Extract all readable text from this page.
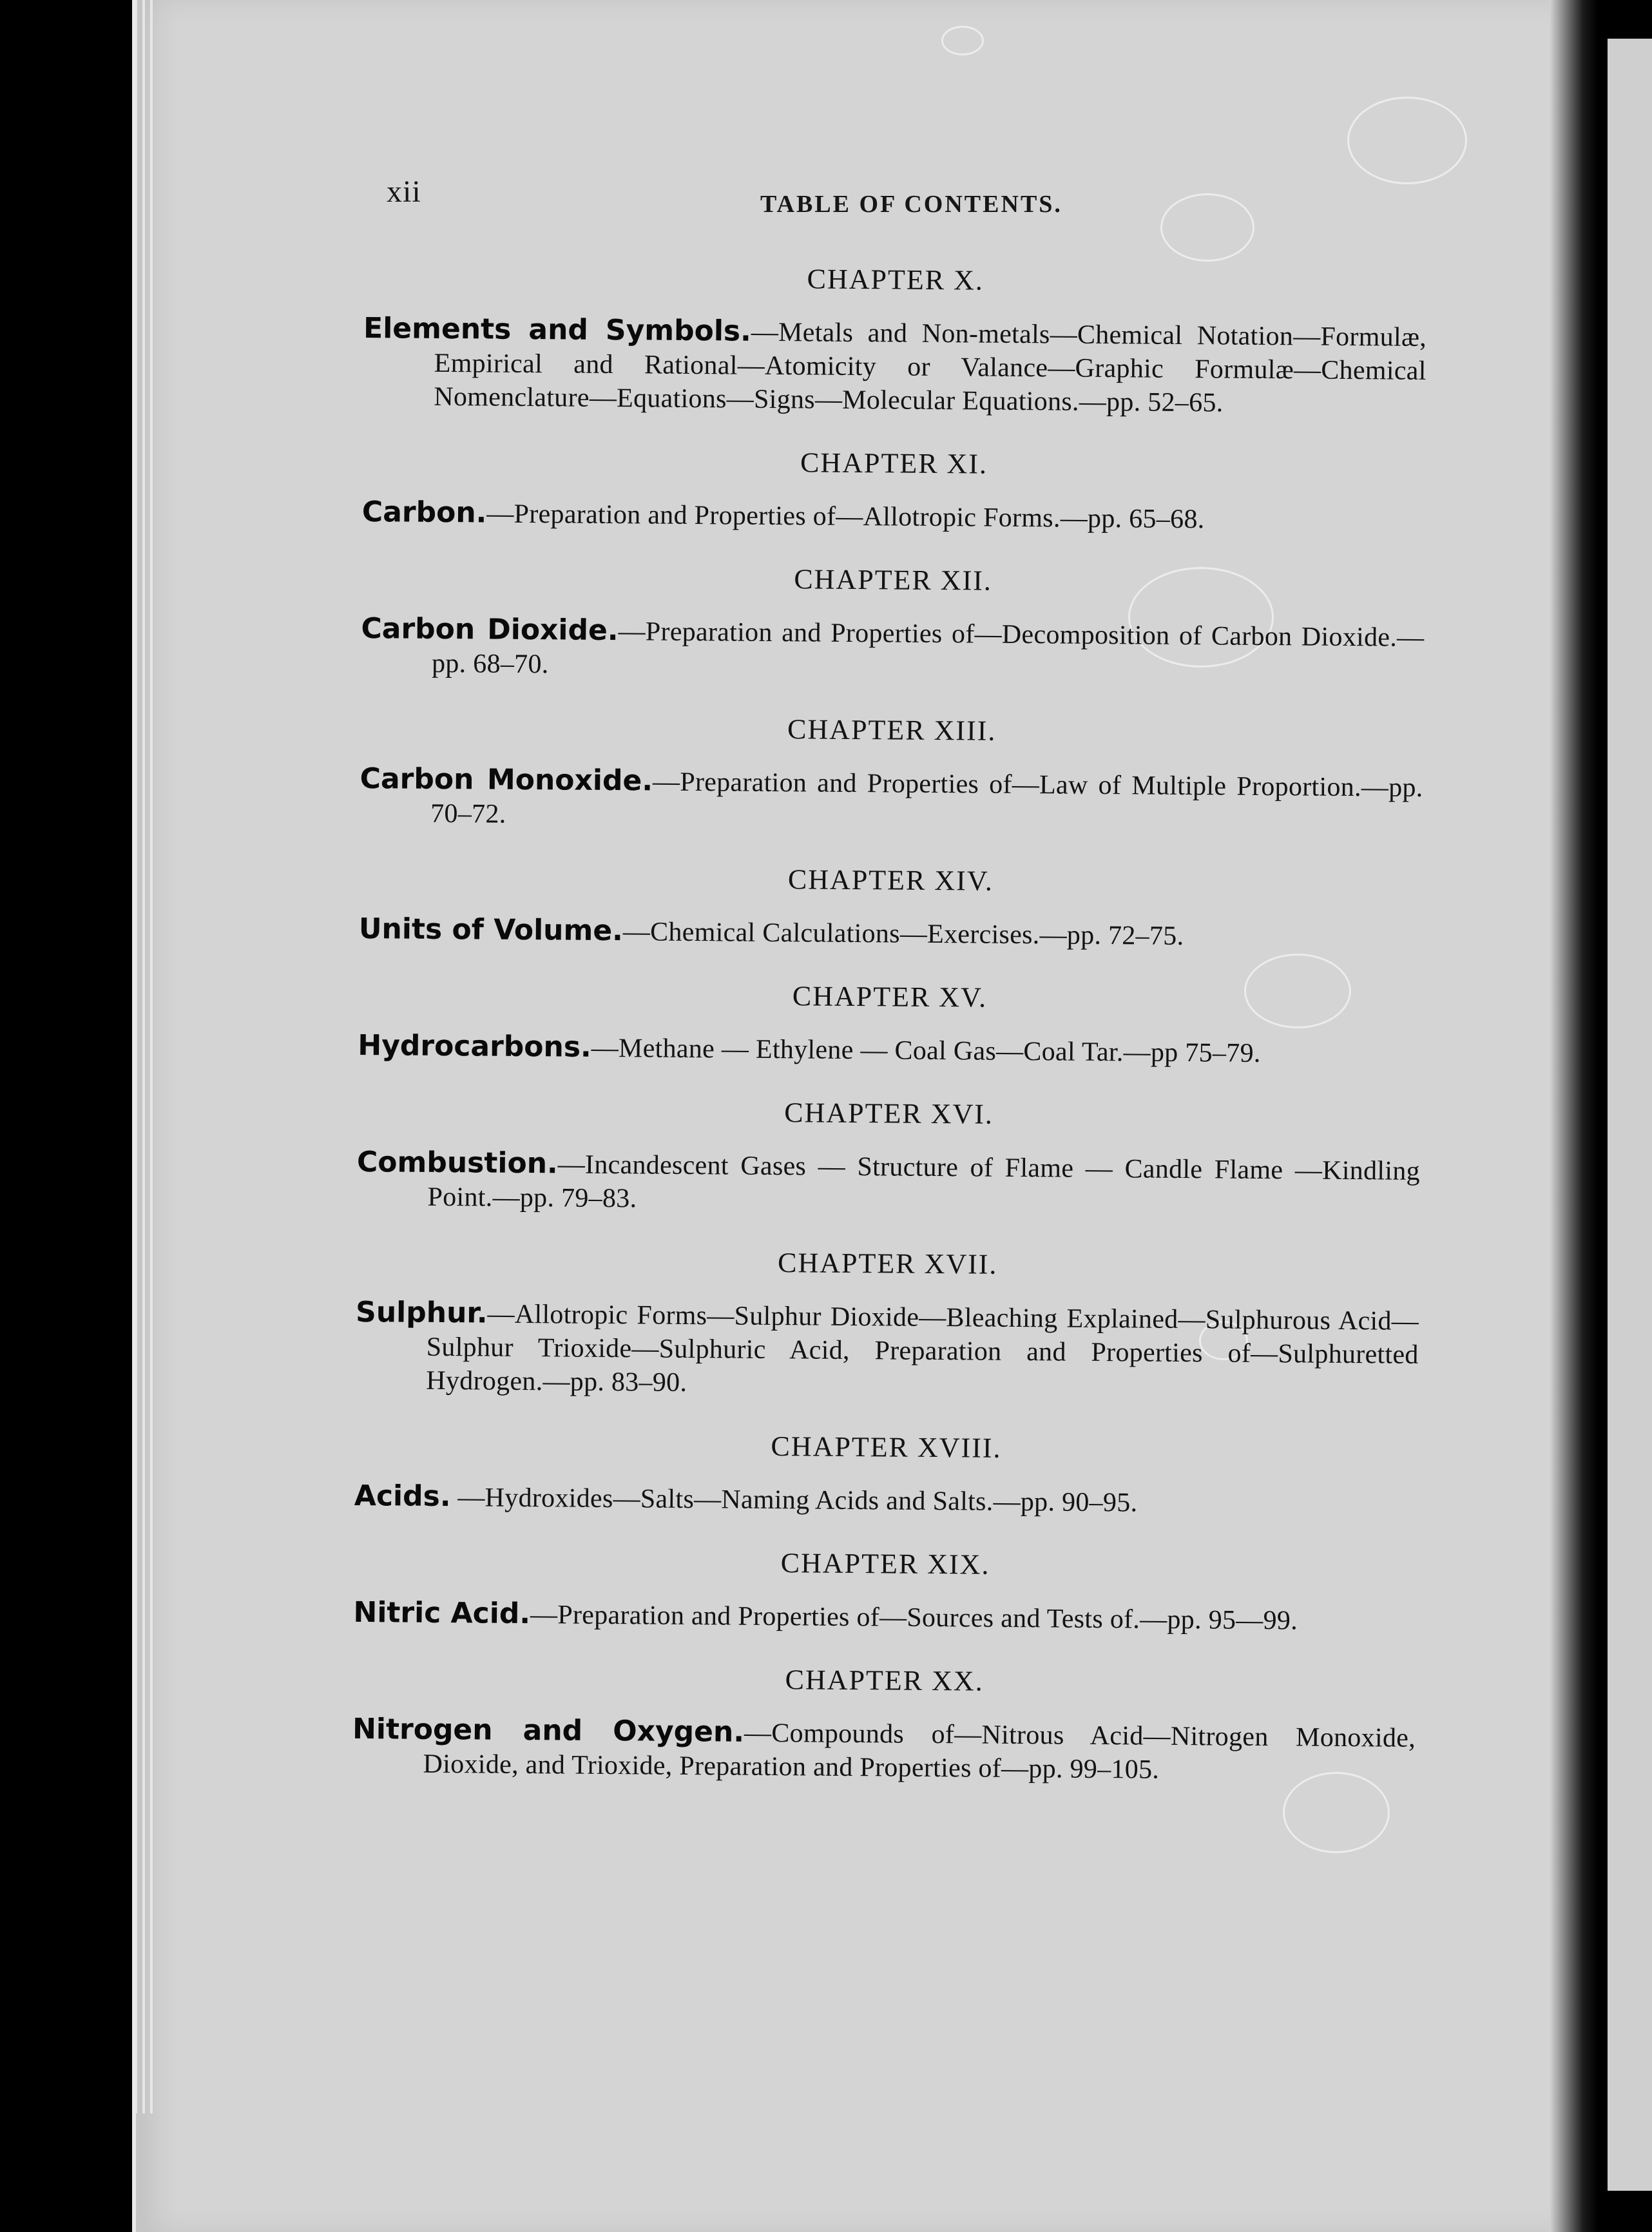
xii	TABLE OF CONTENTS.

CHAPTER X.

Elements and Symbols.—Metals and Non-metals—Chemical Notation—Formulæ, Empirical and Rational—Atomicity or Valance—Graphic Formulæ—Chemical Nomenclature—Equations—Signs—Molecular Equations.—pp. 52–65.

CHAPTER XI.

Carbon.—Preparation and Properties of—Allotropic Forms.—pp. 65–68.

CHAPTER XII.

Carbon Dioxide.—Preparation and Properties of—Decomposition of Carbon Dioxide.—pp. 68–70.

CHAPTER XIII.

Carbon Monoxide.—Preparation and Properties of—Law of Multiple Proportion.—pp. 70–72.

CHAPTER XIV.

Units of Volume.—Chemical Calculations—Exercises.—pp. 72–75.

CHAPTER XV.

Hydrocarbons.—Methane — Ethylene — Coal Gas—Coal Tar.—pp 75–79.

CHAPTER XVI.

Combustion.—Incandescent Gases — Structure of Flame — Candle Flame —Kindling Point.—pp. 79–83.

CHAPTER XVII.

Sulphur.—Allotropic Forms—Sulphur Dioxide—Bleaching Explained—Sulphurous Acid—Sulphur Trioxide—Sulphuric Acid, Preparation and Properties of—Sulphuretted Hydrogen.—pp. 83–90.

CHAPTER XVIII.

Acids. —Hydroxides—Salts—Naming Acids and Salts.—pp. 90–95.

CHAPTER XIX.

Nitric Acid.—Preparation and Properties of—Sources and Tests of.—pp. 95—99.

CHAPTER XX.

Nitrogen and Oxygen.—Compounds of—Nitrous Acid—Nitrogen Monoxide, Dioxide, and Trioxide, Preparation and Properties of—pp. 99–105.
